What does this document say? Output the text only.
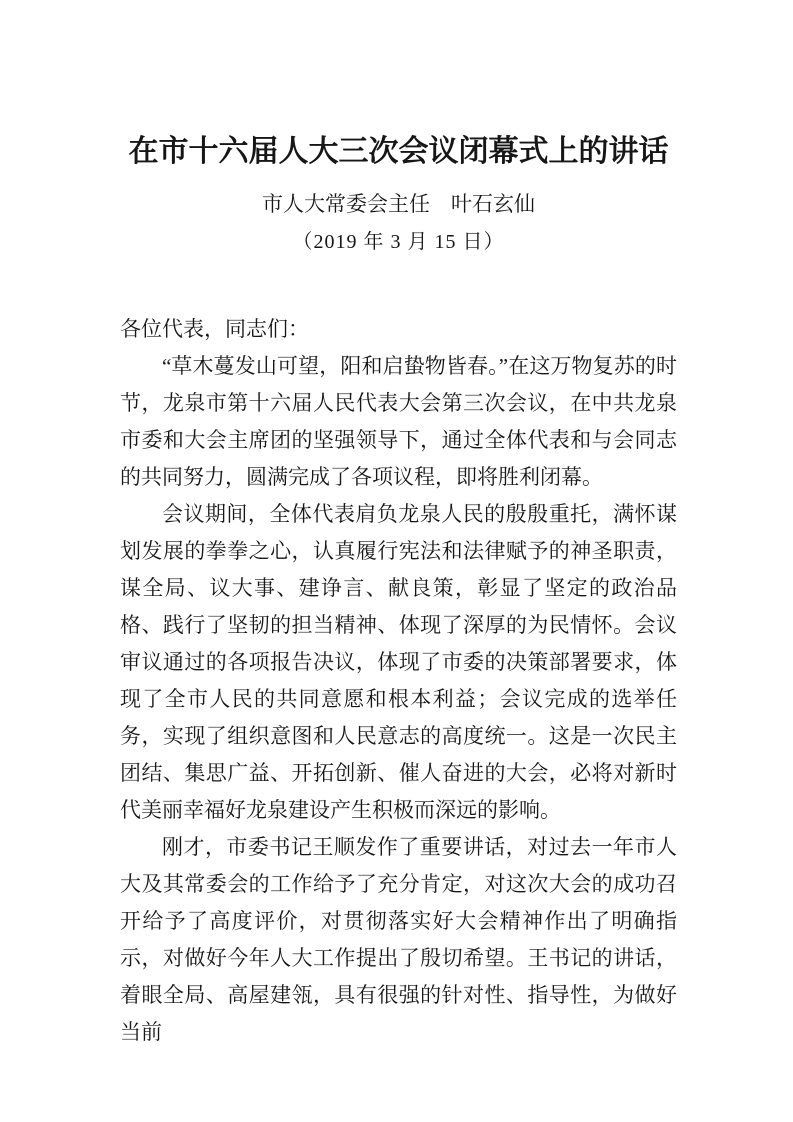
在市十六届人大三次会议闭幕式上的讲话
市人大常委会主任　叶石玄仙
（2019 年 3 月 15 日）

各位代表，同志们：

“草木蔓发山可望，阳和启蛰物皆春。”在这万物复苏的时节，龙泉市第十六届人民代表大会第三次会议，在中共龙泉市委和大会主席团的坚强领导下，通过全体代表和与会同志的共同努力，圆满完成了各项议程，即将胜利闭幕。

会议期间，全体代表肩负龙泉人民的殷殷重托，满怀谋划发展的拳拳之心，认真履行宪法和法律赋予的神圣职责，谋全局、议大事、建诤言、献良策，彰显了坚定的政治品格、践行了坚韧的担当精神、体现了深厚的为民情怀。会议审议通过的各项报告决议，体现了市委的决策部署要求，体现了全市人民的共同意愿和根本利益；会议完成的选举任务，实现了组织意图和人民意志的高度统一。这是一次民主团结、集思广益、开拓创新、催人奋进的大会，必将对新时代美丽幸福好龙泉建设产生积极而深远的影响。

刚才，市委书记王顺发作了重要讲话，对过去一年市人大及其常委会的工作给予了充分肯定，对这次大会的成功召开给予了高度评价，对贯彻落实好大会精神作出了明确指示，对做好今年人大工作提出了殷切希望。王书记的讲话，着眼全局、高屋建瓴，具有很强的针对性、指导性，为做好当前
